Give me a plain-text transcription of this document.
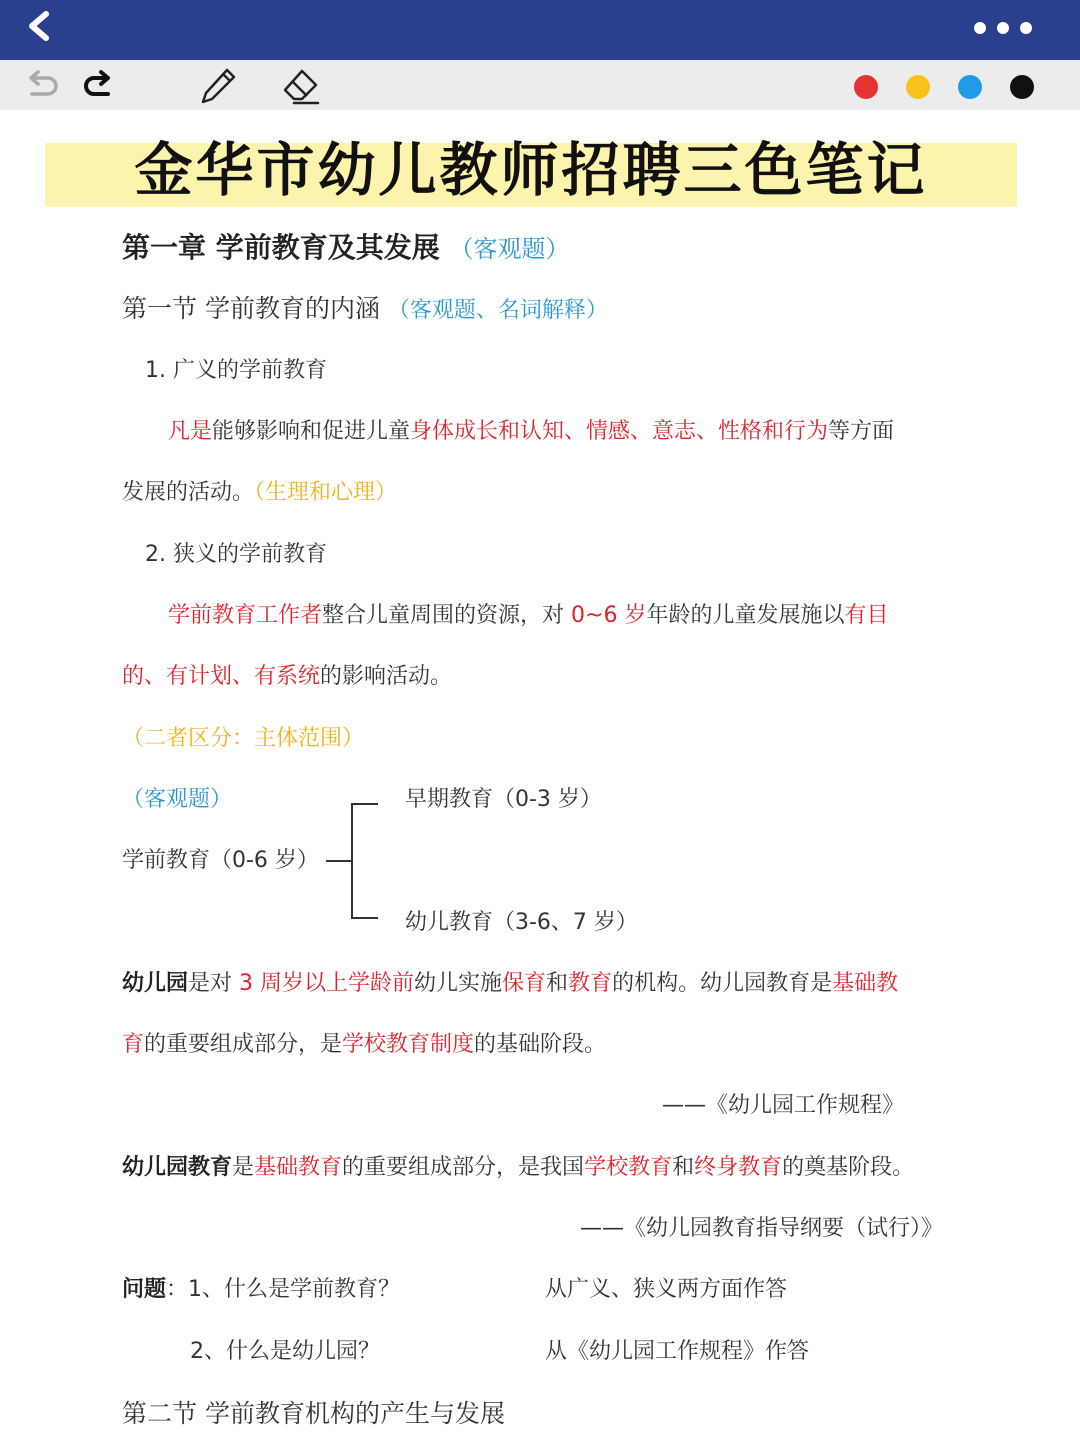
金华市幼儿教师招聘三色笔记
第一章 学前教育及其发展 （客观题）
第一节 学前教育的内涵 （客观题、名词解释）
1. 广义的学前教育
凡是能够影响和促进儿童身体成长和认知、情感、意志、性格和行为等方面
发展的活动。（生理和心理）
2. 狭义的学前教育
学前教育工作者整合儿童周围的资源，对 0~6 岁年龄的儿童发展施以有目
的、有计划、有系统的影响活动。
（二者区分：主体范围）
（客观题）	早期教育（0-3 岁）
学前教育（0-6 岁）
幼儿教育（3-6、7 岁）
幼儿园是对 3 周岁以上学龄前幼儿实施保育和教育的机构。幼儿园教育是基础教
育的重要组成部分，是学校教育制度的基础阶段。
——《幼儿园工作规程》
幼儿园教育是基础教育的重要组成部分，是我国学校教育和终身教育的奠基阶段。
——《幼儿园教育指导纲要（试行）》
问题：1、什么是学前教育？	从广义、狭义两方面作答
2、什么是幼儿园？	从《幼儿园工作规程》作答
第二节 学前教育机构的产生与发展
